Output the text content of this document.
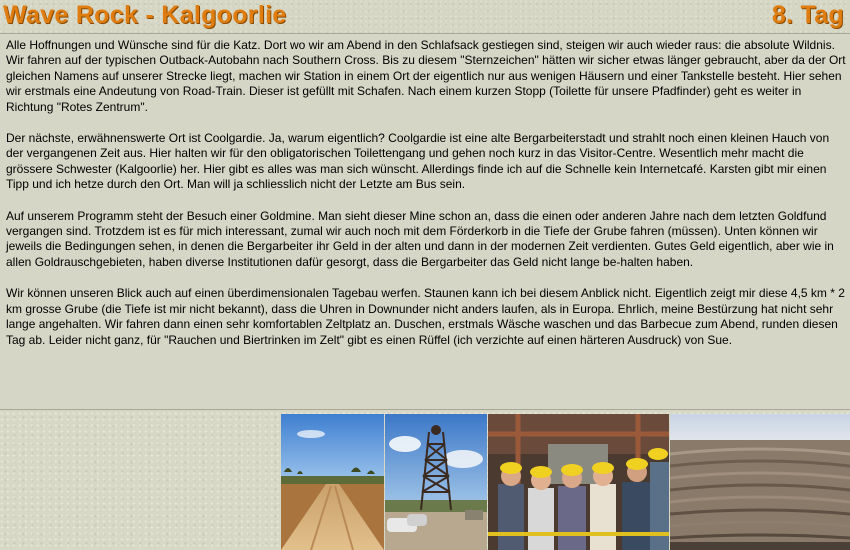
Wave Rock - Kalgoorlie	8. Tag

Alle Hoffnungen und Wünsche sind für die Katz. Dort wo wir am Abend in den Schlafsack gestiegen sind, steigen wir auch wieder raus: die absolute Wildnis. Wir fahren auf der typischen Outback-Autobahn nach Southern Cross. Bis zu diesem "Sternzeichen" hätten wir sicher etwas länger gebraucht, aber da der Ort gleichen Namens auf unserer Strecke liegt, machen wir Station in einem Ort der eigentlich nur aus wenigen Häusern und einer Tankstelle besteht. Hier sehen wir erstmals eine Andeutung von Road-Train. Dieser ist gefüllt mit Schafen. Nach einem kurzen Stopp (Toilette für unsere Pfadfinder) geht es weiter in Richtung "Rotes Zentrum".

Der nächste, erwähnenswerte Ort ist Coolgardie. Ja, warum eigentlich? Coolgardie ist eine alte Bergarbeiterstadt und strahlt noch einen kleinen Hauch von der vergangenen Zeit aus. Hier halten wir für den obligatorischen Toilettengang und gehen noch kurz in das Visitor-Centre. Wesentlich mehr macht die grössere Schwester (Kalgoorlie) her. Hier gibt es alles was man sich wünscht. Allerdings finde ich auf die Schnelle kein Internetcafé. Karsten gibt mir einen Tipp und ich hetze durch den Ort. Man will ja schliesslich nicht der Letzte am Bus sein.

Auf unserem Programm steht der Besuch einer Goldmine. Man sieht dieser Mine schon an, dass die einen oder anderen Jahre nach dem letzten Goldfund vergangen sind. Trotzdem ist es für mich interessant, zumal wir auch noch mit dem Förderkorb in die Tiefe der Grube fahren (müssen). Unten können wir jeweils die Bedingungen sehen, in denen die Bergarbeiter ihr Geld in der alten und dann in der modernen Zeit verdienten. Gutes Geld eigentlich, aber wie in allen Goldrauschgebieten, haben diverse Institutionen dafür gesorgt, dass die Bergarbeiter das Geld nicht lange be-halten haben.

Wir können unseren Blick auch auf einen überdimensionalen Tagebau werfen. Staunen kann ich bei diesem Anblick nicht. Eigentlich zeigt mir diese 4,5 km * 2 km grosse Grube (die Tiefe ist mir nicht bekannt), dass die Uhren in Downunder nicht anders laufen, als in Europa. Ehrlich, meine Bestürzung hat nicht sehr lange angehalten. Wir fahren dann einen sehr komfortablen Zeltplatz an. Duschen, erstmals Wäsche waschen und das Barbecue zum Abend, runden diesen Tag ab. Leider nicht ganz, für "Rauchen und Biertrinken im Zelt" gibt es einen Rüffel (ich verzichte auf einen härteren Ausdruck) von Sue.
